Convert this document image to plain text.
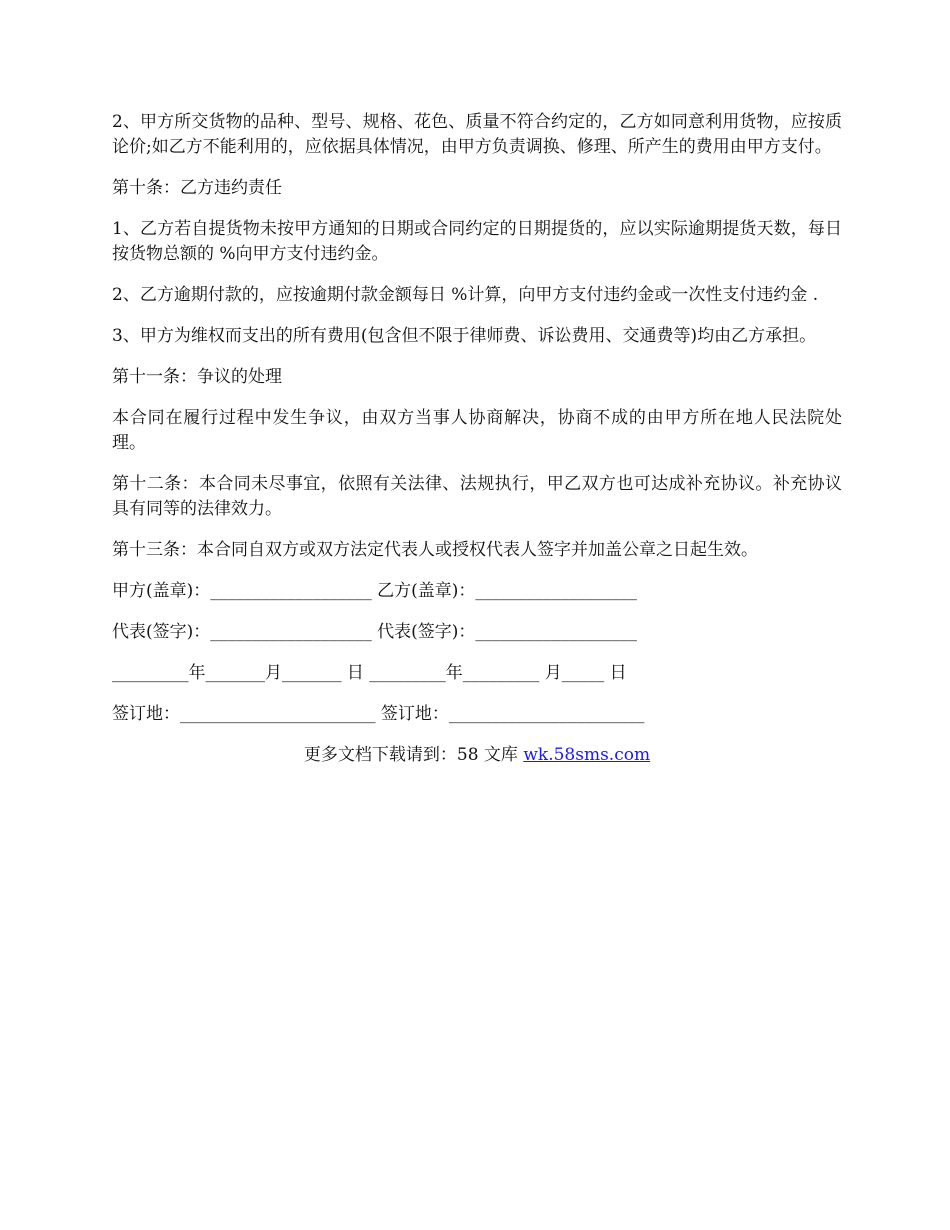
2、甲方所交货物的品种、型号、规格、花色、质量不符合约定的，乙方如同意利用货物，应按质论价;如乙方不能利用的，应依据具体情况，由甲方负责调换、修理、所产生的费用由甲方支付。

第十条：乙方违约责任

1、乙方若自提货物未按甲方通知的日期或合同约定的日期提货的，应以实际逾期提货天数，每日按货物总额的 %向甲方支付违约金。

2、乙方逾期付款的，应按逾期付款金额每日 %计算，向甲方支付违约金或一次性支付违约金 .

3、甲方为维权而支出的所有费用(包含但不限于律师费、诉讼费用、交通费等)均由乙方承担。

第十一条：争议的处理

本合同在履行过程中发生争议，由双方当事人协商解决，协商不成的由甲方所在地人民法院处理。

第十二条：本合同未尽事宜，依照有关法律、法规执行，甲乙双方也可达成补充协议。补充协议具有同等的法律效力。

第十三条：本合同自双方或双方法定代表人或授权代表人签字并加盖公章之日起生效。

甲方(盖章)：___________________ 乙方(盖章)：___________________
代表(签字)：___________________ 代表(签字)：___________________
_________年_______月_______ 日 _________年_________ 月_____ 日
签订地：_______________________ 签订地：_______________________
更多文档下载请到：58 文库 wk.58sms.com
